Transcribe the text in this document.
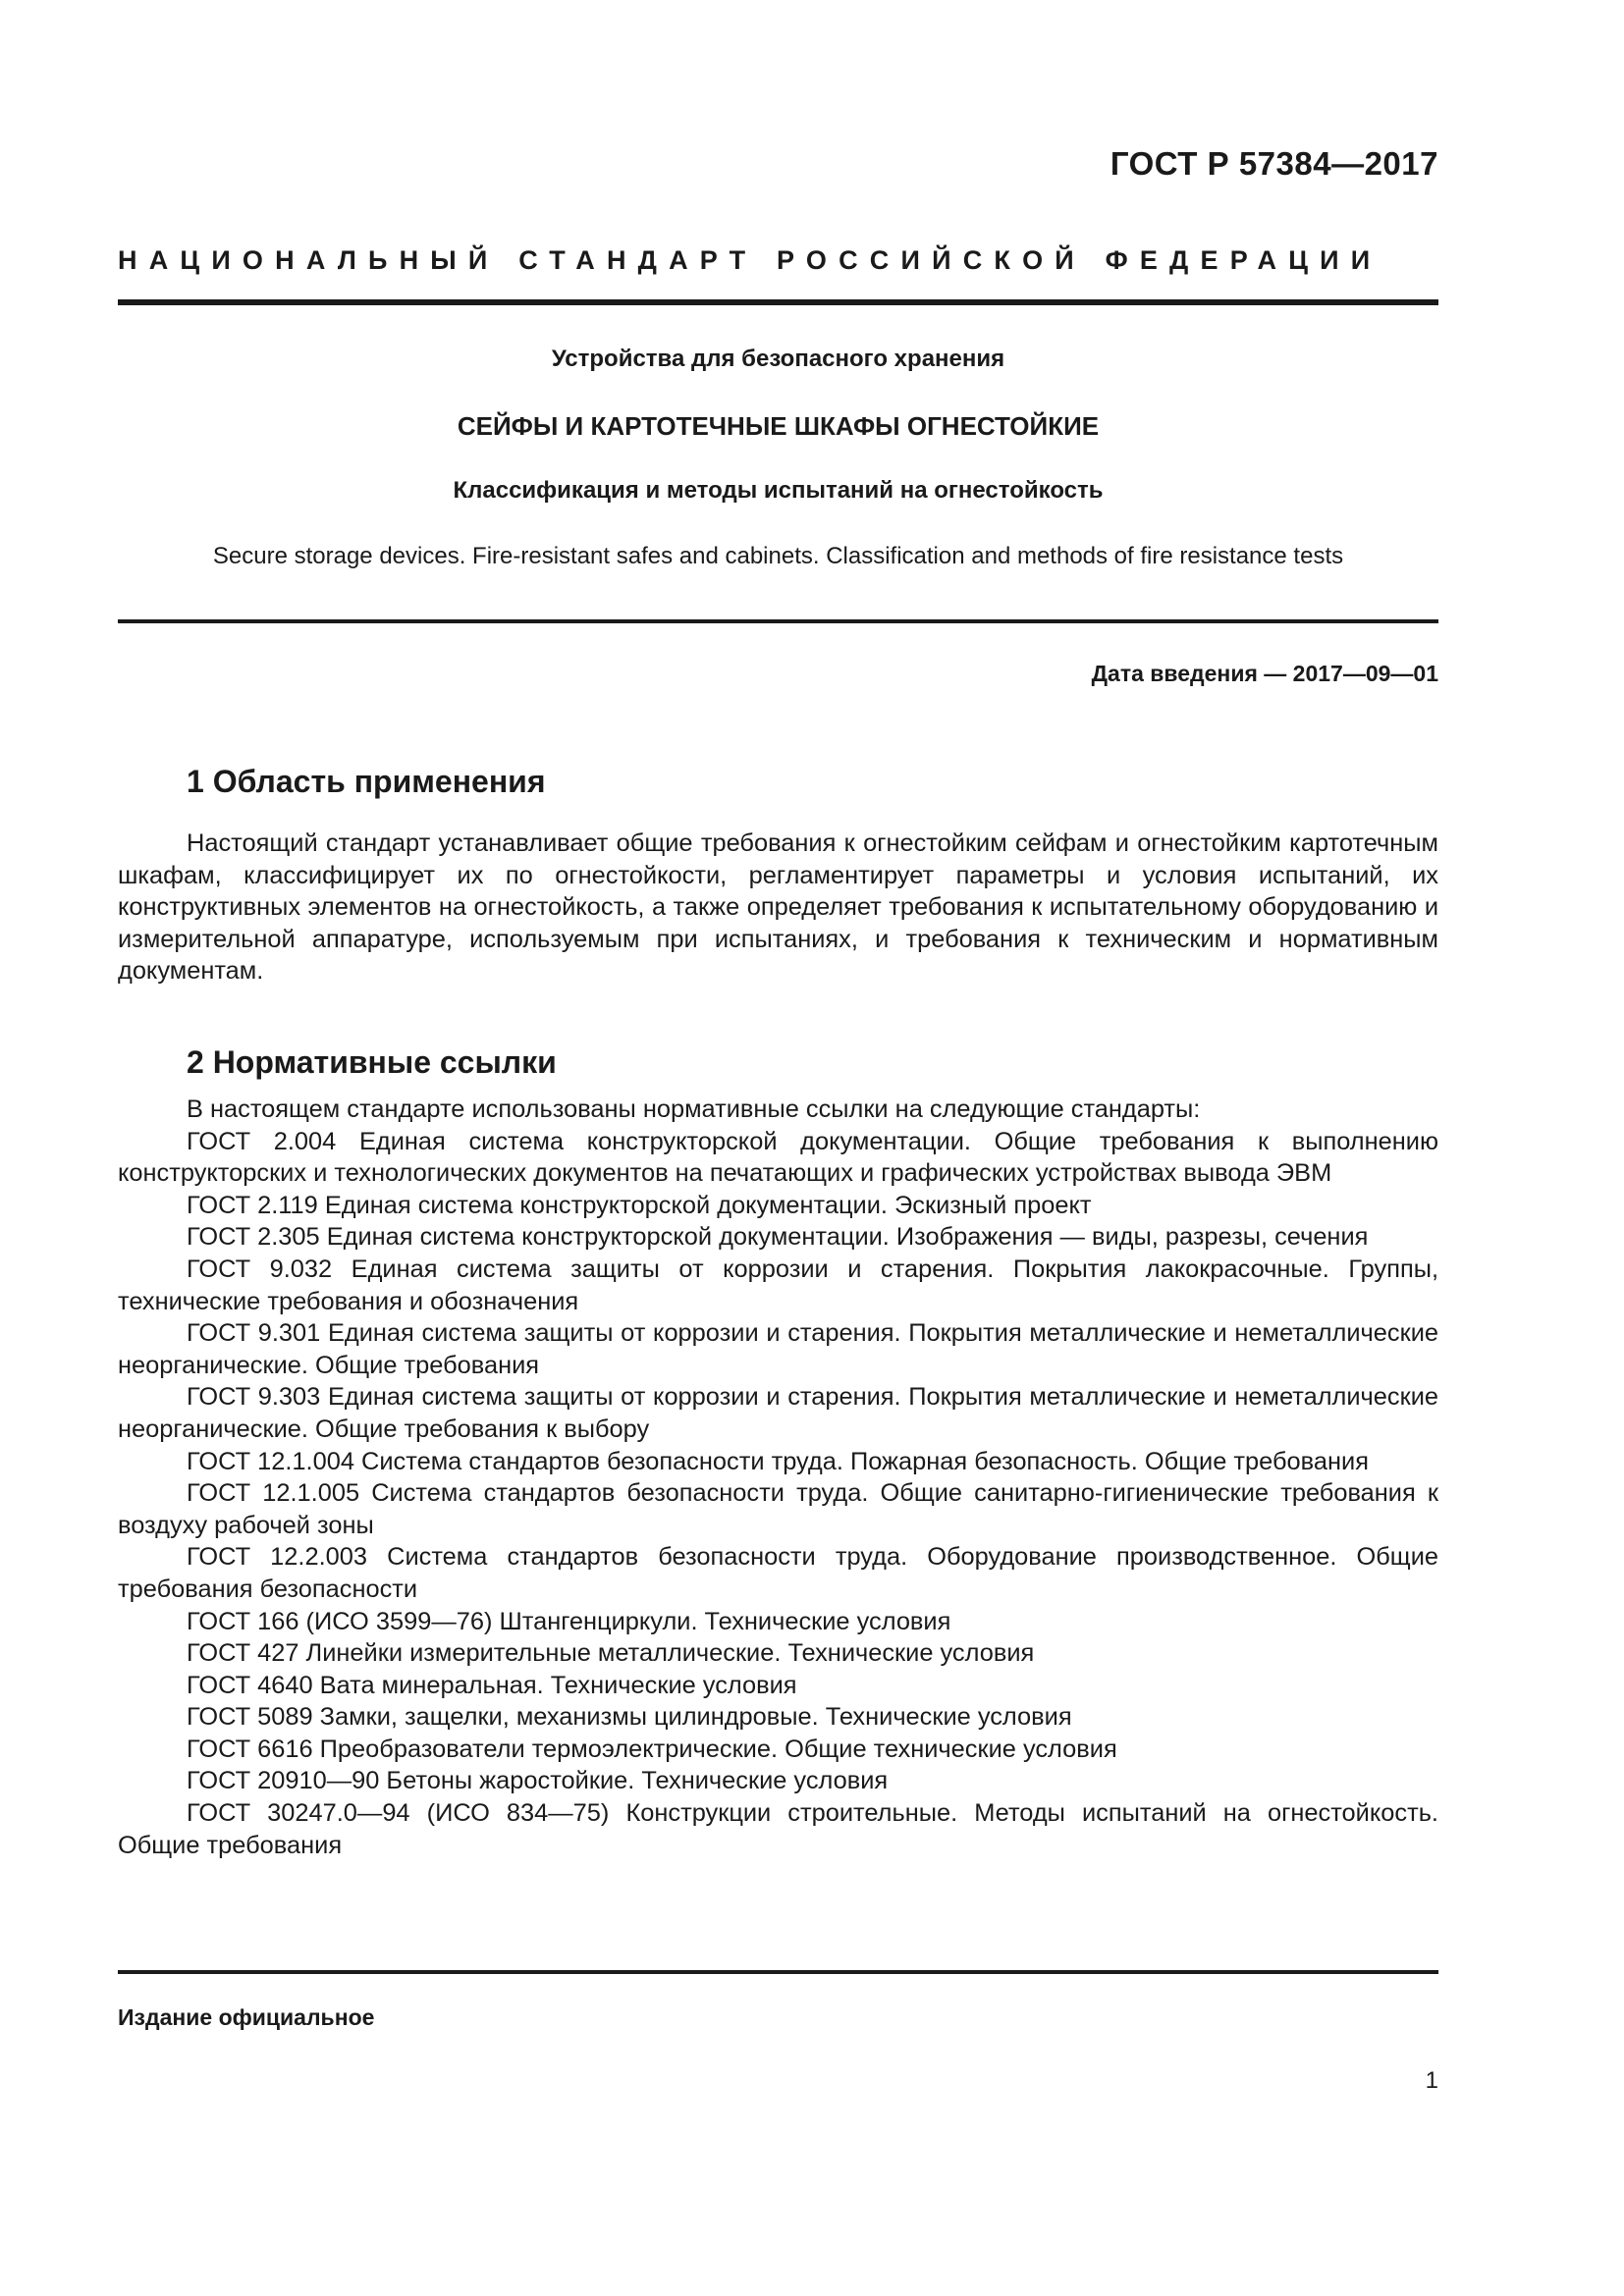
ГОСТ Р 57384—2017
НАЦИОНАЛЬНЫЙ СТАНДАРТ РОССИЙСКОЙ ФЕДЕРАЦИИ
Устройства для безопасного хранения
СЕЙФЫ И КАРТОТЕЧНЫЕ ШКАФЫ ОГНЕСТОЙКИЕ
Классификация и методы испытаний на огнестойкость
Secure storage devices. Fire-resistant safes and cabinets. Classification and methods of fire resistance tests
Дата введения — 2017—09—01
1 Область применения

Настоящий стандарт устанавливает общие требования к огнестойким сейфам и огнестойким картотечным шкафам, классифицирует их по огнестойкости, регламентирует параметры и условия испытаний, их конструктивных элементов на огнестойкость, а также определяет требования к испытательному оборудованию и измерительной аппаратуре, используемым при испытаниях, и требования к техническим и нормативным документам.

2 Нормативные ссылки

В настоящем стандарте использованы нормативные ссылки на следующие стандарты:

ГОСТ 2.004 Единая система конструкторской документации. Общие требования к выполнению конструкторских и технологических документов на печатающих и графических устройствах вывода ЭВМ

ГОСТ 2.119 Единая система конструкторской документации. Эскизный проект

ГОСТ 2.305 Единая система конструкторской документации. Изображения — виды, разрезы, сечения

ГОСТ 9.032 Единая система защиты от коррозии и старения. Покрытия лакокрасочные. Группы, технические требования и обозначения

ГОСТ 9.301 Единая система защиты от коррозии и старения. Покрытия металлические и неметаллические неорганические. Общие требования

ГОСТ 9.303 Единая система защиты от коррозии и старения. Покрытия металлические и неметаллические неорганические. Общие требования к выбору

ГОСТ 12.1.004 Система стандартов безопасности труда. Пожарная безопасность. Общие требования

ГОСТ 12.1.005 Система стандартов безопасности труда. Общие санитарно-гигиенические требования к воздуху рабочей зоны

ГОСТ 12.2.003 Система стандартов безопасности труда. Оборудование производственное. Общие требования безопасности

ГОСТ 166 (ИСО 3599—76) Штангенциркули. Технические условия

ГОСТ 427 Линейки измерительные металлические. Технические условия

ГОСТ 4640 Вата минеральная. Технические условия

ГОСТ 5089 Замки, защелки, механизмы цилиндровые. Технические условия

ГОСТ 6616 Преобразователи термоэлектрические. Общие технические условия

ГОСТ 20910—90 Бетоны жаростойкие. Технические условия

ГОСТ 30247.0—94 (ИСО 834—75) Конструкции строительные. Методы испытаний на огнестойкость. Общие требования

Издание официальное
1
